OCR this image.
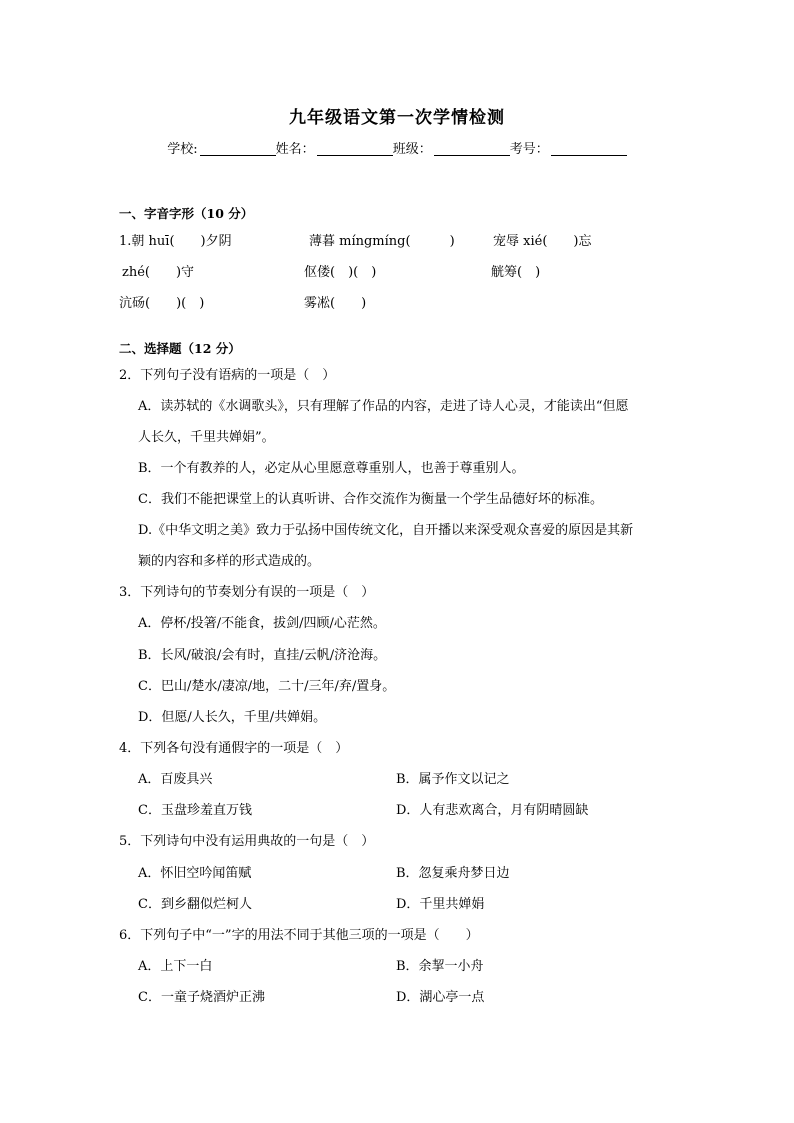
九年级语文第一次学情检测
学校:	姓名：	班级：	考号：
一、字音字形（10 分）
1.朝 huī(　　)夕阴	薄暮 míngmíng(　　　)	宠辱 xié(　　)忘
zhé(　　)守	伛偻(　)(　)	觥筹(　)
沆砀(　　)(　)	雾凇(　　)
二、选择题（12 分）
2．下列句子没有语病的一项是（　）
A．读苏轼的《水调歌头》，只有理解了作品的内容，走进了诗人心灵，才能读出“但愿
人长久，千里共婵娟”。
B．一个有教养的人，必定从心里愿意尊重别人，也善于尊重别人。
C．我们不能把课堂上的认真听讲、合作交流作为衡量一个学生品德好坏的标准。
D.《中华文明之美》致力于弘扬中国传统文化，自开播以来深受观众喜爱的原因是其新
颖的内容和多样的形式造成的。
3．下列诗句的节奏划分有误的一项是（　）
A．停杯/投箸/不能食，拔剑/四顾/心茫然。
B．长风/破浪/会有时，直挂/云帆/济沧海。
C．巴山/楚水/凄凉/地，二十/三年/弃/置身。
D．但愿/人长久，千里/共婵娟。
4．下列各句没有通假字的一项是（　）
A．百废具兴	B．属予作文以记之
C．玉盘珍羞直万钱	D．人有悲欢离合，月有阴晴圆缺
5．下列诗句中没有运用典故的一句是（　）
A．怀旧空吟闻笛赋	B．忽复乘舟梦日边
C．到乡翻似烂柯人	D．千里共婵娟
6．下列句子中“一”字的用法不同于其他三项的一项是（　　）
A．上下一白	B．余挈一小舟
C．一童子烧酒炉正沸	D．湖心亭一点
